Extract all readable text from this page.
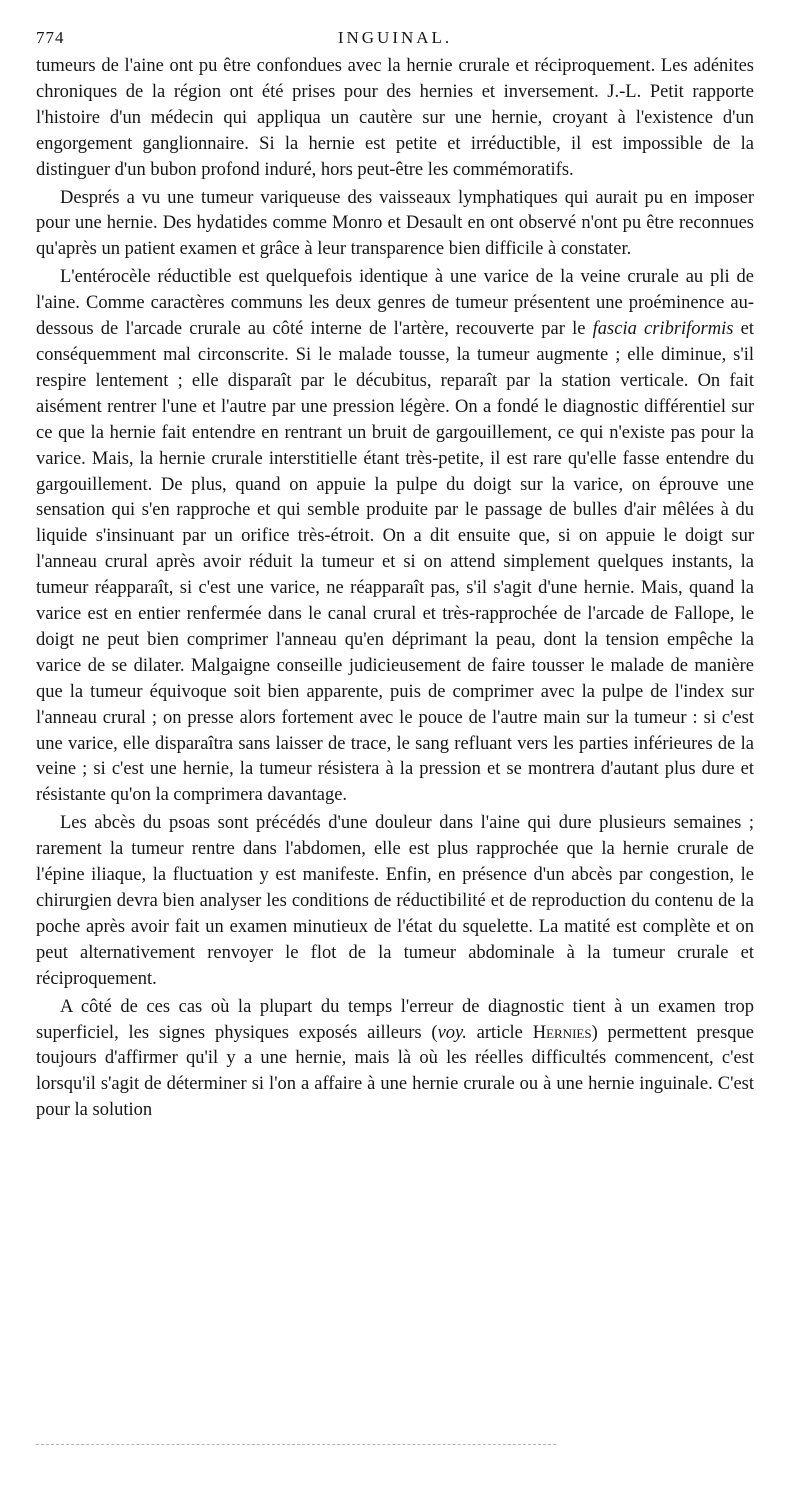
774	INGUINAL.

tumeurs de l'aine ont pu être confondues avec la hernie crurale et réciproquement. Les adénites chroniques de la région ont été prises pour des hernies et inversement. J.-L. Petit rapporte l'histoire d'un médecin qui appliqua un cautère sur une hernie, croyant à l'existence d'un engorgement ganglionnaire. Si la hernie est petite et irréductible, il est impossible de la distinguer d'un bubon profond induré, hors peut-être les commémoratifs.

Després a vu une tumeur variqueuse des vaisseaux lymphatiques qui aurait pu en imposer pour une hernie. Des hydatides comme Monro et Desault en ont observé n'ont pu être reconnues qu'après un patient examen et grâce à leur transparence bien difficile à constater.

L'entérocèle réductible est quelquefois identique à une varice de la veine crurale au pli de l'aine. Comme caractères communs les deux genres de tumeur présentent une proéminence au-dessous de l'arcade crurale au côté interne de l'artère, recouverte par le fascia cribriformis et conséquemment mal circonscrite. Si le malade tousse, la tumeur augmente ; elle diminue, s'il respire lentement ; elle disparaît par le décubitus, reparaît par la station verticale. On fait aisément rentrer l'une et l'autre par une pression légère. On a fondé le diagnostic différentiel sur ce que la hernie fait entendre en rentrant un bruit de gargouillement, ce qui n'existe pas pour la varice. Mais, la hernie crurale interstitielle étant très-petite, il est rare qu'elle fasse entendre du gargouillement. De plus, quand on appuie la pulpe du doigt sur la varice, on éprouve une sensation qui s'en rapproche et qui semble produite par le passage de bulles d'air mêlées à du liquide s'insinuant par un orifice très-étroit. On a dit ensuite que, si on appuie le doigt sur l'anneau crural après avoir réduit la tumeur et si on attend simplement quelques instants, la tumeur réapparaît, si c'est une varice, ne réapparaît pas, s'il s'agit d'une hernie. Mais, quand la varice est en entier renfermée dans le canal crural et très-rapprochée de l'arcade de Fallope, le doigt ne peut bien comprimer l'anneau qu'en déprimant la peau, dont la tension empêche la varice de se dilater. Malgaigne conseille judicieusement de faire tousser le malade de manière que la tumeur équivoque soit bien apparente, puis de comprimer avec la pulpe de l'index sur l'anneau crural ; on presse alors fortement avec le pouce de l'autre main sur la tumeur : si c'est une varice, elle disparaîtra sans laisser de trace, le sang refluant vers les parties inférieures de la veine ; si c'est une hernie, la tumeur résistera à la pression et se montrera d'autant plus dure et résistante qu'on la comprimera davantage.

Les abcès du psoas sont précédés d'une douleur dans l'aine qui dure plusieurs semaines ; rarement la tumeur rentre dans l'abdomen, elle est plus rapprochée que la hernie crurale de l'épine iliaque, la fluctuation y est manifeste. Enfin, en présence d'un abcès par congestion, le chirurgien devra bien analyser les conditions de réductibilité et de reproduction du contenu de la poche après avoir fait un examen minutieux de l'état du squelette. La matité est complète et on peut alternativement renvoyer le flot de la tumeur abdominale à la tumeur crurale et réciproquement.

A côté de ces cas où la plupart du temps l'erreur de diagnostic tient à un examen trop superficiel, les signes physiques exposés ailleurs (voy. article Hernies) permettent presque toujours d'affirmer qu'il y a une hernie, mais là où les réelles difficultés commencent, c'est lorsqu'il s'agit de déterminer si l'on a affaire à une hernie crurale ou à une hernie inguinale. C'est pour la solution
